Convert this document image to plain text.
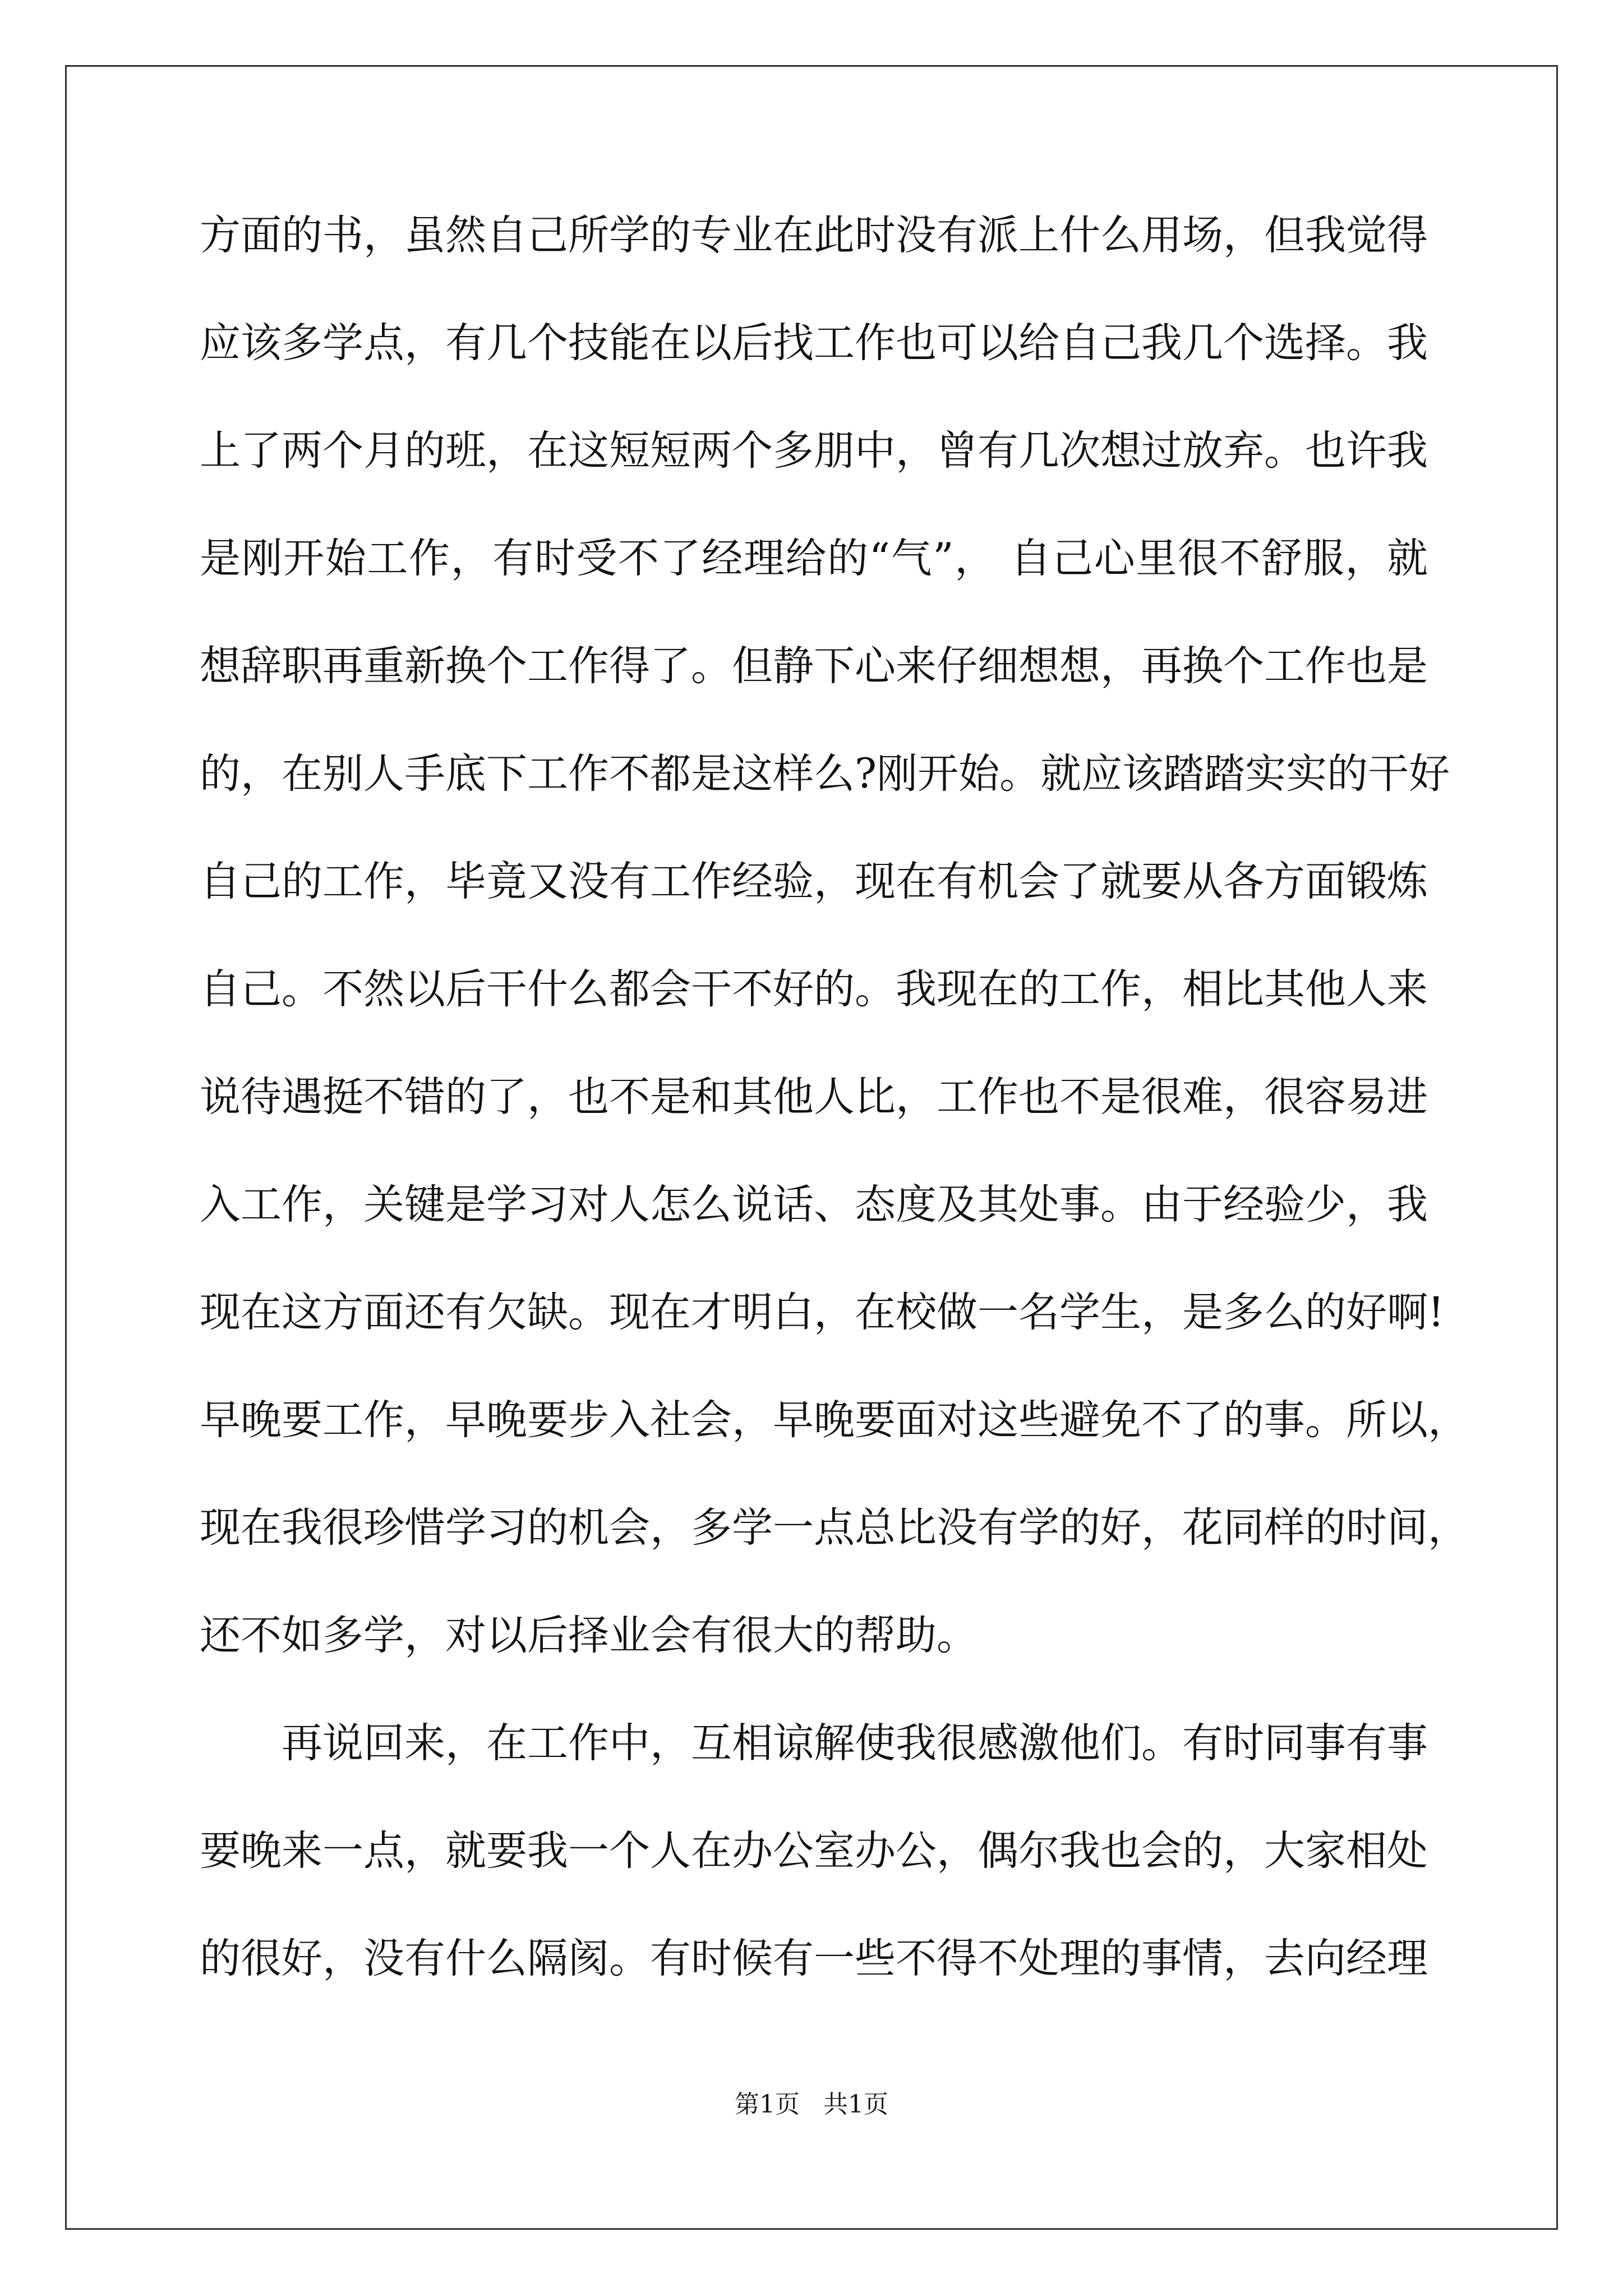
方面的书，虽然自己所学的专业在此时没有派上什么用场，但我觉得
应该多学点，有几个技能在以后找工作也可以给自己我几个选择。我
上了两个月的班，在这短短两个多朋中，曾有几次想过放弃。也许我
是刚开始工作，有时受不了经理给的“气”， 自己心里很不舒服，就
想辞职再重新换个工作得了。但静下心来仔细想想，再换个工作也是
的，在别人手底下工作不都是这样么?刚开始。就应该踏踏实实的干好
自己的工作，毕竟又没有工作经验，现在有机会了就要从各方面锻炼
自己。不然以后干什么都会干不好的。我现在的工作，相比其他人来
说待遇挺不错的了，也不是和其他人比，工作也不是很难，很容易进
入工作，关键是学习对人怎么说话、态度及其处事。由于经验少，我
现在这方面还有欠缺。现在才明白，在校做一名学生，是多么的好啊!
早晚要工作，早晚要步入社会，早晚要面对这些避免不了的事。所以，
现在我很珍惜学习的机会，多学一点总比没有学的好，花同样的时间，
还不如多学，对以后择业会有很大的帮助。
再说回来，在工作中，互相谅解使我很感激他们。有时同事有事
要晚来一点，就要我一个人在办公室办公，偶尔我也会的，大家相处
的很好，没有什么隔阂。有时候有一些不得不处理的事情，去向经理
第1页   共1页
